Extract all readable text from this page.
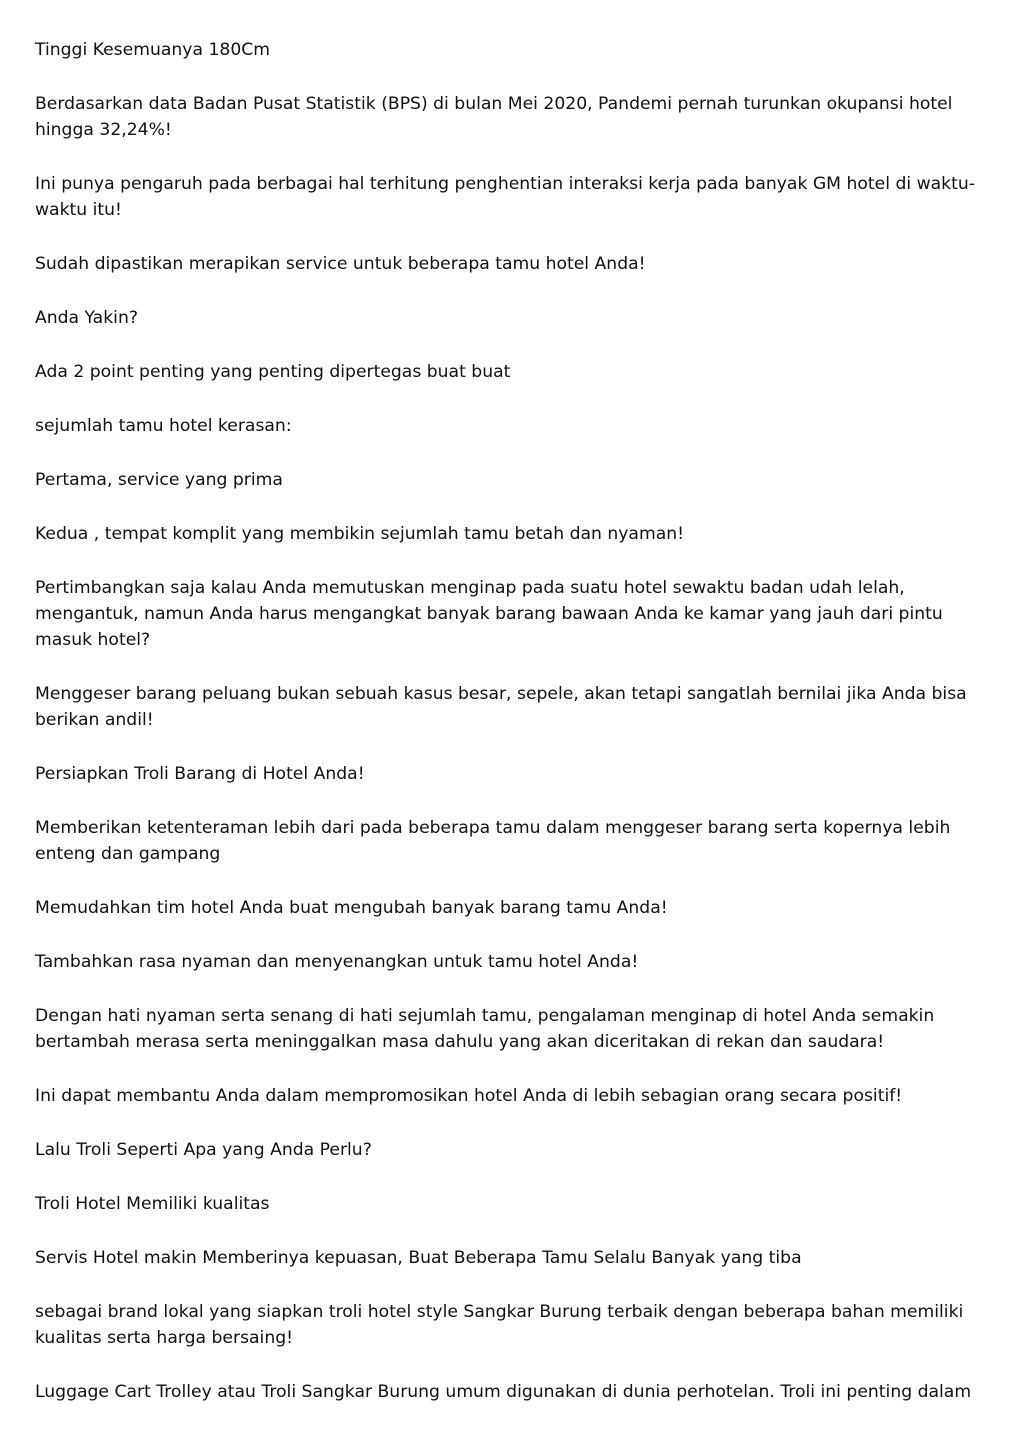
Tinggi Kesemuanya 180Cm

Berdasarkan data Badan Pusat Statistik (BPS) di bulan Mei 2020, Pandemi pernah turunkan okupansi hotel hingga 32,24%!

Ini punya pengaruh pada berbagai hal terhitung penghentian interaksi kerja pada banyak GM hotel di waktu-waktu itu!

Sudah dipastikan merapikan service untuk beberapa tamu hotel Anda!

Anda Yakin?

Ada 2 point penting yang penting dipertegas buat buat

sejumlah tamu hotel kerasan:

Pertama, service yang prima

Kedua , tempat komplit yang membikin sejumlah tamu betah dan nyaman!

Pertimbangkan saja kalau Anda memutuskan menginap pada suatu hotel sewaktu badan udah lelah, mengantuk, namun Anda harus mengangkat banyak barang bawaan Anda ke kamar yang jauh dari pintu masuk hotel?

Menggeser barang peluang bukan sebuah kasus besar, sepele, akan tetapi sangatlah bernilai jika Anda bisa berikan andil!

Persiapkan Troli Barang di Hotel Anda!

Memberikan ketenteraman lebih dari pada beberapa tamu dalam menggeser barang serta kopernya lebih enteng dan gampang

Memudahkan tim hotel Anda buat mengubah banyak barang tamu Anda!

Tambahkan rasa nyaman dan menyenangkan untuk tamu hotel Anda!

Dengan hati nyaman serta senang di hati sejumlah tamu, pengalaman menginap di hotel Anda semakin bertambah merasa serta meninggalkan masa dahulu yang akan diceritakan di rekan dan saudara!

Ini dapat membantu Anda dalam mempromosikan hotel Anda di lebih sebagian orang secara positif!

Lalu Troli Seperti Apa yang Anda Perlu?

Troli Hotel Memiliki kualitas

Servis Hotel makin Memberinya kepuasan, Buat Beberapa Tamu Selalu Banyak yang tiba

sebagai brand lokal yang siapkan troli hotel style Sangkar Burung terbaik dengan beberapa bahan memiliki kualitas serta harga bersaing!

Luggage Cart Trolley atau Troli Sangkar Burung umum digunakan di dunia perhotelan. Troli ini penting dalam
